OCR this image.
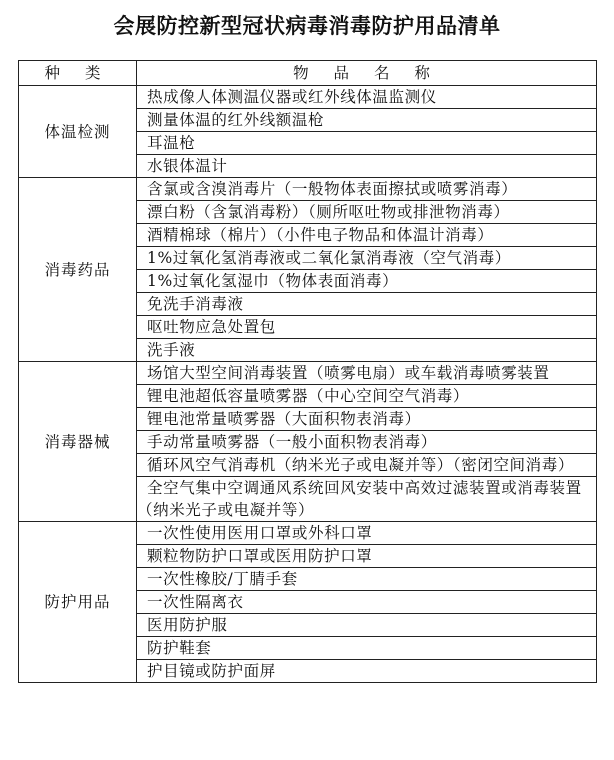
会展防控新型冠状病毒消毒防护用品清单
种 类	物 品 名 称
体温检测	热成像人体测温仪器或红外线体温监测仪
	测量体温的红外线额温枪
	耳温枪
	水银体温计
消毒药品	含氯或含溴消毒片（一般物体表面擦拭或喷雾消毒）
	漂白粉（含氯消毒粉）（厕所呕吐物或排泄物消毒）
	酒精棉球（棉片）（小件电子物品和体温计消毒）
	1%过氧化氢消毒液或二氧化氯消毒液（空气消毒）
	1%过氧化氢湿巾（物体表面消毒）
	免洗手消毒液
	呕吐物应急处置包
	洗手液
消毒器械	场馆大型空间消毒装置（喷雾电扇）或车载消毒喷雾装置
	锂电池超低容量喷雾器（中心空间空气消毒）
	锂电池常量喷雾器（大面积物表消毒）
	手动常量喷雾器（一般小面积物表消毒）
	循环风空气消毒机（纳米光子或电凝并等）（密闭空间消毒）
	全空气集中空调通风系统回风安装中高效过滤装置或消毒装置（纳米光子或电凝并等）
防护用品	一次性使用医用口罩或外科口罩
	颗粒物防护口罩或医用防护口罩
	一次性橡胶/丁腈手套
	一次性隔离衣
	医用防护服
	防护鞋套
	护目镜或防护面屏
